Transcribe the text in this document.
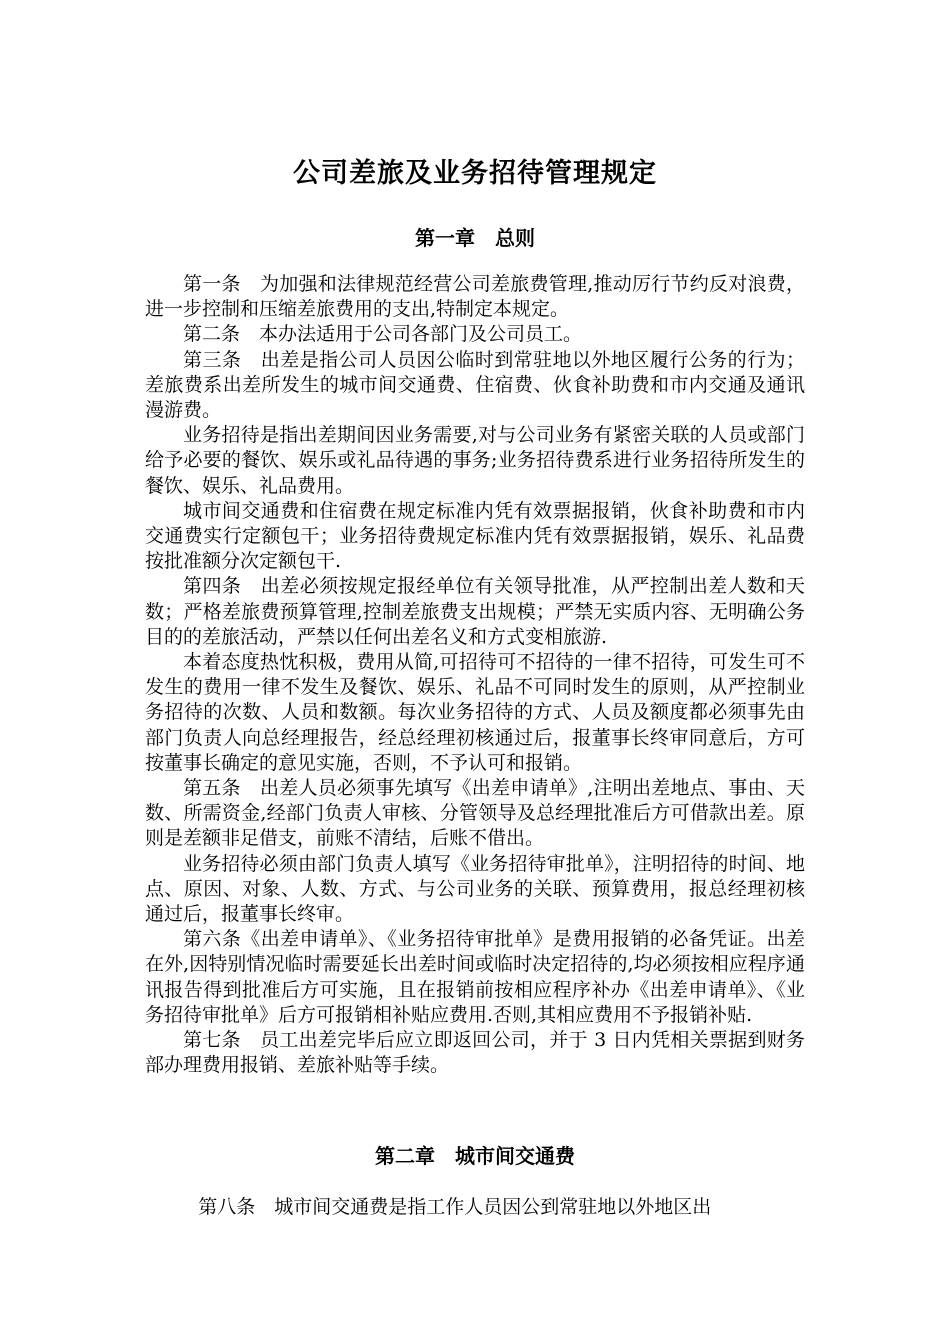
公司差旅及业务招待管理规定
第一章　总则

第一条　为加强和法律规范经营公司差旅费管理,推动厉行节约反对浪费，进一步控制和压缩差旅费用的支出,特制定本规定。

第二条　本办法适用于公司各部门及公司员工。

第三条　出差是指公司人员因公临时到常驻地以外地区履行公务的行为；差旅费系出差所发生的城市间交通费、住宿费、伙食补助费和市内交通及通讯漫游费。

业务招待是指出差期间因业务需要,对与公司业务有紧密关联的人员或部门给予必要的餐饮、娱乐或礼品待遇的事务;业务招待费系进行业务招待所发生的餐饮、娱乐、礼品费用。

城市间交通费和住宿费在规定标准内凭有效票据报销，伙食补助费和市内交通费实行定额包干；业务招待费规定标准内凭有效票据报销，娱乐、礼品费按批准额分次定额包干.

第四条　出差必须按规定报经单位有关领导批准，从严控制出差人数和天数；严格差旅费预算管理,控制差旅费支出规模；严禁无实质内容、无明确公务目的的差旅活动，严禁以任何出差名义和方式变相旅游.

本着态度热忱积极，费用从简,可招待可不招待的一律不招待，可发生可不发生的费用一律不发生及餐饮、娱乐、礼品不可同时发生的原则，从严控制业务招待的次数、人员和数额。每次业务招待的方式、人员及额度都必须事先由部门负责人向总经理报告，经总经理初核通过后，报董事长终审同意后，方可按董事长确定的意见实施，否则，不予认可和报销。

第五条　出差人员必须事先填写《出差申请单》,注明出差地点、事由、天数、所需资金,经部门负责人审核、分管领导及总经理批准后方可借款出差。原则是差额非足借支，前账不清结，后账不借出。

业务招待必须由部门负责人填写《业务招待审批单》，注明招待的时间、地点、原因、对象、人数、方式、与公司业务的关联、预算费用，报总经理初核通过后，报董事长终审。

第六条《出差申请单》、《业务招待审批单》是费用报销的必备凭证。出差在外,因特别情况临时需要延长出差时间或临时决定招待的,均必须按相应程序通讯报告得到批准后方可实施，且在报销前按相应程序补办《出差申请单》、《业务招待审批单》后方可报销相补贴应费用.否则,其相应费用不予报销补贴.

第七条　员工出差完毕后应立即返回公司，并于 3 日内凭相关票据到财务部办理费用报销、差旅补贴等手续。

第二章　城市间交通费

第八条　城市间交通费是指工作人员因公到常驻地以外地区出
